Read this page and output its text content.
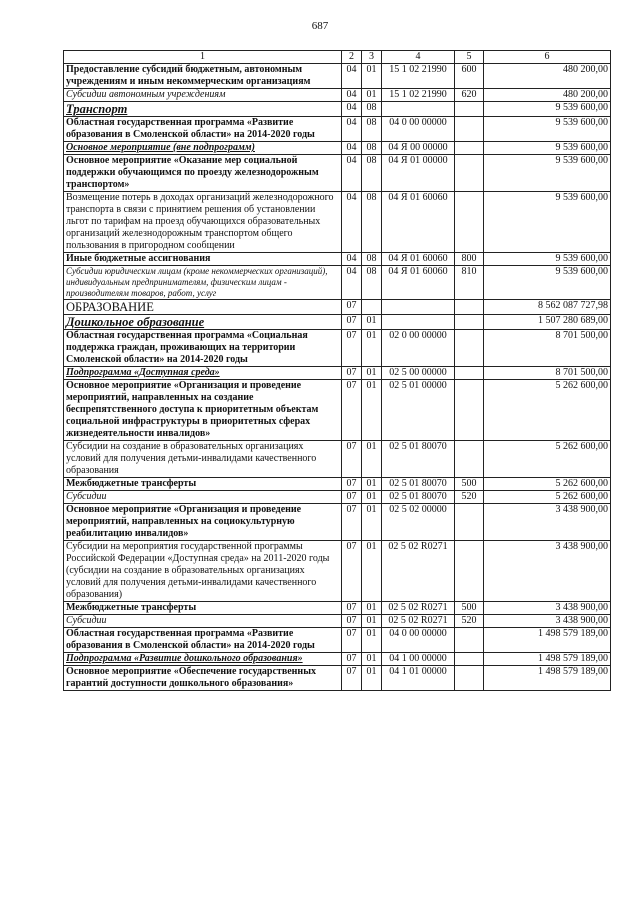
687
1	2	3	4	5	6
Предоставление субсидий бюджетным, автономным учреждениям и иным некоммерческим организациям	04	01	15 1 02 21990	600	480 200,00
Субсидии автономным учреждениям	04	01	15 1 02 21990	620	480 200,00
Транспорт	04	08			9 539 600,00
Областная государственная программа «Развитие образования в Смоленской области» на 2014-2020 годы	04	08	04 0 00 00000		9 539 600,00
Основное мероприятие (вне подпрограмм)	04	08	04 Я 00 00000		9 539 600,00
Основное мероприятие «Оказание мер социальной поддержки обучающимся по проезду железнодорожным транспортом»	04	08	04 Я 01 00000		9 539 600,00
Возмещение потерь в доходах организаций железнодорожного транспорта в связи с принятием решения об установлении льгот по тарифам на проезд обучающихся образовательных организаций железнодорожным транспортом общего пользования в пригородном сообщении	04	08	04 Я 01 60060		9 539 600,00
Иные бюджетные ассигнования	04	08	04 Я 01 60060	800	9 539 600,00
Субсидии юридическим лицам (кроме некоммерческих организаций), индивидуальным предпринимателям, физическим лицам - производителям товаров, работ, услуг	04	08	04 Я 01 60060	810	9 539 600,00
ОБРАЗОВАНИЕ	07				8 562 087 727,98
Дошкольное образование	07	01			1 507 280 689,00
Областная государственная программа «Социальная поддержка граждан, проживающих на территории Смоленской области» на 2014-2020 годы	07	01	02 0 00 00000		8 701 500,00
Подпрограмма «Доступная среда»	07	01	02 5 00 00000		8 701 500,00
Основное мероприятие «Организация и проведение мероприятий, направленных на создание беспрепятственного доступа к приоритетным объектам социальной инфраструктуры в приоритетных сферах жизнедеятельности инвалидов»	07	01	02 5 01 00000		5 262 600,00
Субсидии на создание в образовательных организациях условий для получения детьми-инвалидами качественного образования	07	01	02 5 01 80070		5 262 600,00
Межбюджетные трансферты	07	01	02 5 01 80070	500	5 262 600,00
Субсидии	07	01	02 5 01 80070	520	5 262 600,00
Основное мероприятие «Организация и проведение мероприятий, направленных на социокультурную реабилитацию инвалидов»	07	01	02 5 02 00000		3 438 900,00
Субсидии на мероприятия государственной программы Российской Федерации «Доступная среда» на 2011-2020 годы (субсидии на создание в образовательных организациях условий для получения детьми-инвалидами качественного образования)	07	01	02 5 02 R0271		3 438 900,00
Межбюджетные трансферты	07	01	02 5 02 R0271	500	3 438 900,00
Субсидии	07	01	02 5 02 R0271	520	3 438 900,00
Областная государственная программа «Развитие образования в Смоленской области» на 2014-2020 годы	07	01	04 0 00 00000		1 498 579 189,00
Подпрограмма «Развитие дошкольного образования»	07	01	04 1 00 00000		1 498 579 189,00
Основное мероприятие «Обеспечение государственных гарантий доступности дошкольного образования»	07	01	04 1 01 00000		1 498 579 189,00
